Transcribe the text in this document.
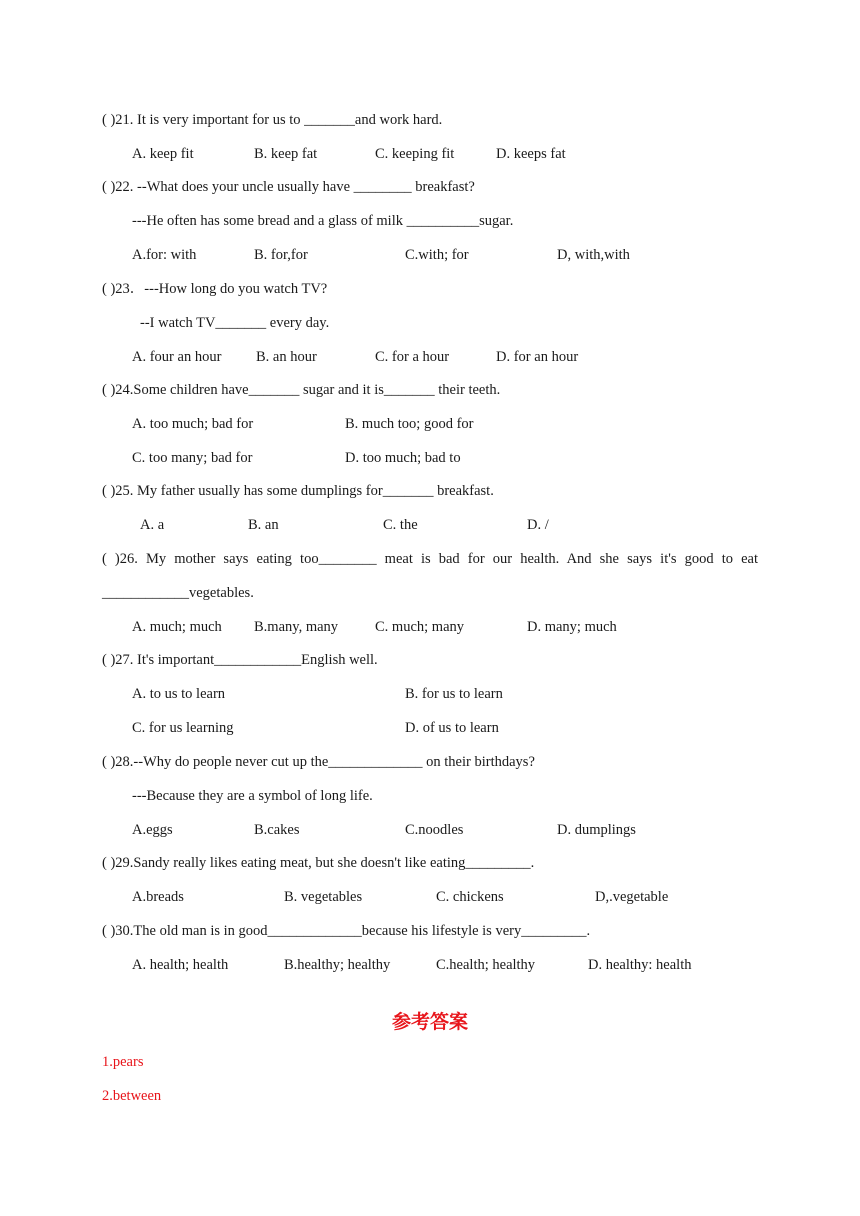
( )21. It is very important for us to _______and work hard.
A. keep fit	B. keep fat	C. keeping fit	D. keeps fat
( )22. --What does your uncle usually have ________ breakfast?
---He often has some bread and a glass of milk __________sugar.
A.for: with	B. for,for	C.with; for	D, with,with
( )23．---How long do you watch TV?
--I watch TV_______ every day.
A. four an hour B. an hour	C. for a hour	D. for an hour
( )24.Some children have_______ sugar and it is_______ their teeth.
A. too much; bad for	B. much too; good for
C. too many; bad for	D. too much; bad to
( )25. My father usually has some dumplings for_______ breakfast.
A. a	B. an	C. the	D. /
( )26. My mother says eating too________ meat is bad for our health. And she says it's good to eat
____________vegetables.
A. much; much B.many, many	C. much; many	D. many; much
( )27. It's important____________English well.
A. to us to learn	B. for us to learn
C. for us learning	D. of us to learn
( )28.--Why do people never cut up the_____________ on their birthdays?
---Because they are a symbol of long life.
A.eggs	B.cakes	C.noodles	D. dumplings
( )29.Sandy really likes eating meat, but she doesn't like eating_________.
A.breads	B. vegetables	C. chickens	D,.vegetable
( )30.The old man is in good_____________because his lifestyle is very_________.
A. health; health	B.healthy; healthy	C.health; healthy	D. healthy: health
参考答案
1.pears
2.between
